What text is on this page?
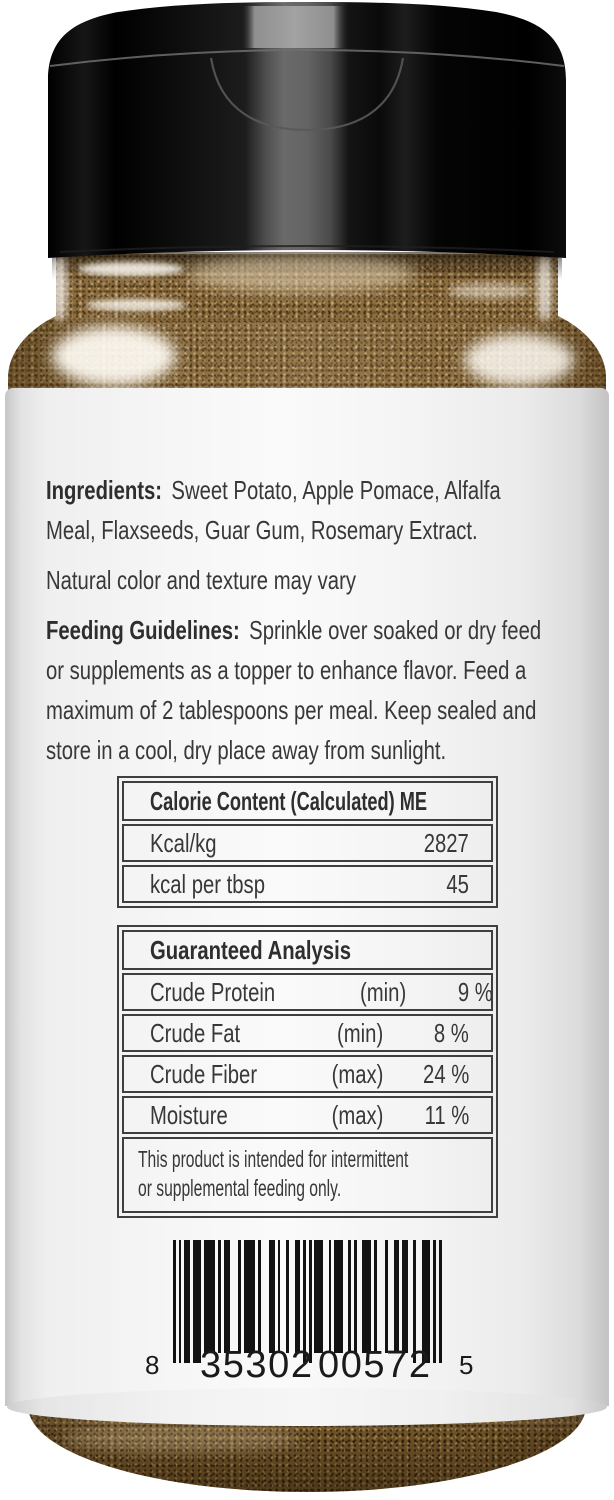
Ingredients: Sweet Potato, Apple Pomace, Alfalfa
Meal, Flaxseeds, Guar Gum, Rosemary Extract.
Natural color and texture may vary
Feeding Guidelines: Sprinkle over soaked or dry feed
or supplements as a topper to enhance flavor. Feed a
maximum of 2 tablespoons per meal. Keep sealed and
store in a cool, dry place away from sunlight.
Calorie Content (Calculated) ME
Kcal/kg	2827
kcal per tbsp	45
Guaranteed Analysis
Crude Protein	(min)	9 %
Crude Fat	(min)	8 %
Crude Fiber	(max)	24 %
Moisture	(max)	11 %
This product is intended for intermittent
or supplemental feeding only.
8 3 5 3 0 2 0 0 5 7 2 5
